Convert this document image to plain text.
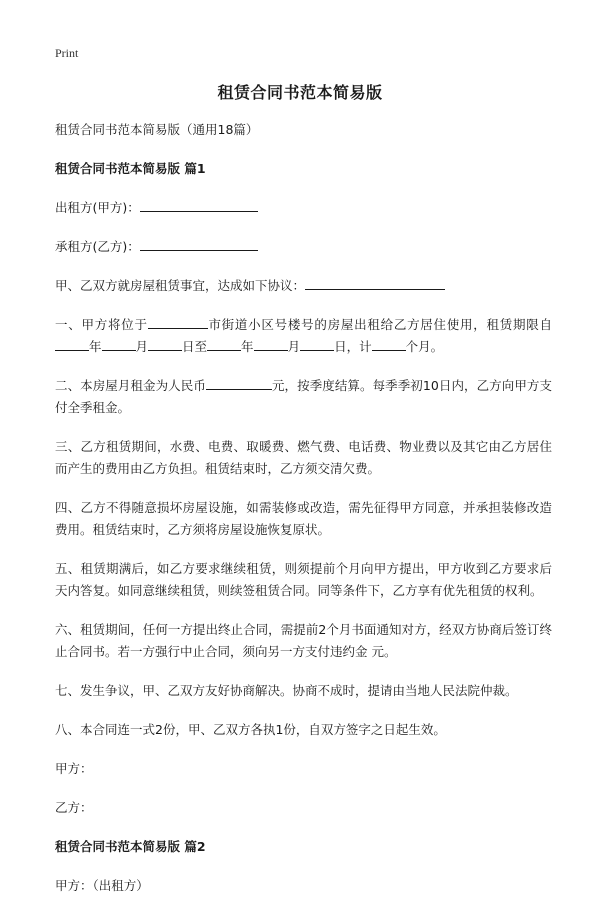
Print
租赁合同书范本简易版

租赁合同书范本简易版（通用18篇）

租赁合同书范本简易版 篇1

出租方(甲方)：

承租方(乙方)：

甲、乙双方就房屋租赁事宜，达成如下协议：

一、甲方将位于	市街道小区号楼号的房屋出租给乙方居住使用，租赁期限自年	月	日至	年	月	日，计	个月。

二、本房屋月租金为人民币	元，按季度结算。每季季初10日内，乙方向甲方支付全季租金。

三、乙方租赁期间，水费、电费、取暖费、燃气费、电话费、物业费以及其它由乙方居住而产生的费用由乙方负担。租赁结束时，乙方须交清欠费。

四、乙方不得随意损坏房屋设施，如需装修或改造，需先征得甲方同意，并承担装修改造费用。租赁结束时，乙方须将房屋设施恢复原状。

五、租赁期满后，如乙方要求继续租赁，则须提前个月向甲方提出，甲方收到乙方要求后天内答复。如同意继续租赁，则续签租赁合同。同等条件下，乙方享有优先租赁的权利。

六、租赁期间，任何一方提出终止合同，需提前2个月书面通知对方，经双方协商后签订终止合同书。若一方强行中止合同，须向另一方支付违约金 元。

七、发生争议，甲、乙双方友好协商解决。协商不成时，提请由当地人民法院仲裁。

八、本合同连一式2份，甲、乙双方各执1份，自双方签字之日起生效。

甲方：

乙方：

租赁合同书范本简易版 篇2

甲方：（出租方）
